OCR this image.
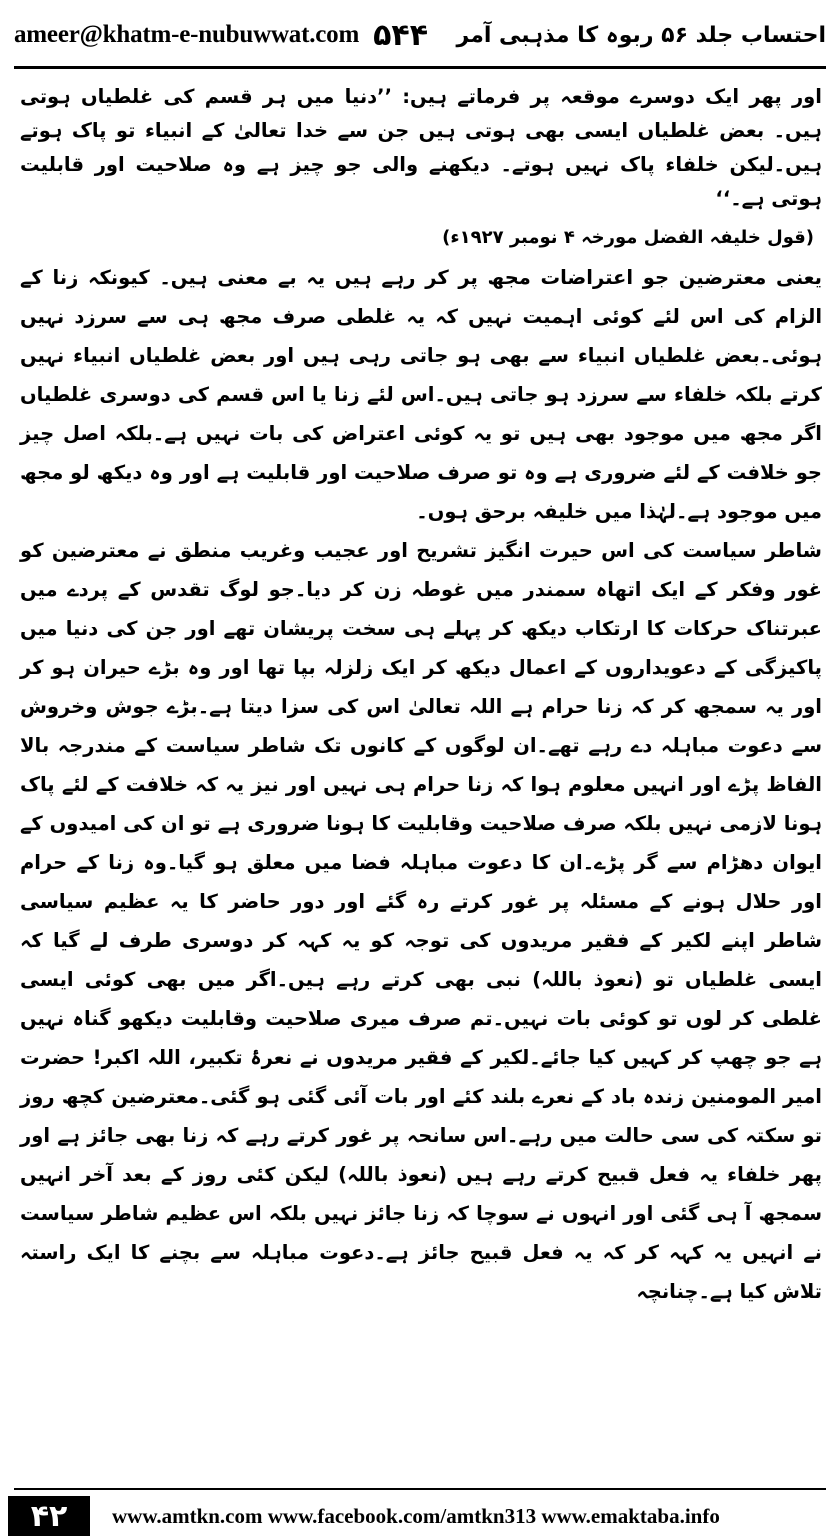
ameer@khatm-e-nubuwwat.com ۵۴۴ احتساب جلد ۵۶ ربوہ کا مذہبی آمر

اور پھر ایک دوسرے موقعہ پر فرماتے ہیں: ’’دنیا میں ہر قسم کی غلطیاں ہوتی ہیں۔ بعض غلطیاں ایسی بھی ہوتی ہیں جن سے خدا تعالیٰ کے انبیاء تو پاک ہوتے ہیں۔لیکن خلفاء پاک نہیں ہوتے۔ دیکھنے والی جو چیز ہے وہ صلاحیت اور قابلیت ہوتی ہے۔‘‘

(قول خلیفہ الفضل مورخہ ۴ نومبر ۱۹۲۷ء)

یعنی معترضین جو اعتراضات مجھ پر کر رہے ہیں یہ بے معنی ہیں۔ کیونکہ زنا کے الزام کی اس لئے کوئی اہمیت نہیں کہ یہ غلطی صرف مجھ ہی سے سرزد نہیں ہوئی۔بعض غلطیاں انبیاء سے بھی ہو جاتی رہی ہیں اور بعض غلطیاں انبیاء نہیں کرتے بلکہ خلفاء سے سرزد ہو جاتی ہیں۔اس لئے زنا یا اس قسم کی دوسری غلطیاں اگر مجھ میں موجود بھی ہیں تو یہ کوئی اعتراض کی بات نہیں ہے۔بلکہ اصل چیز جو خلافت کے لئے ضروری ہے وہ تو صرف صلاحیت اور قابلیت ہے اور وہ دیکھ لو مجھ میں موجود ہے۔لہٰذا میں خلیفہ برحق ہوں۔

شاطر سیاست کی اس حیرت انگیز تشریح اور عجیب وغریب منطق نے معترضین کو غور وفکر کے ایک اتھاہ سمندر میں غوطہ زن کر دیا۔جو لوگ تقدس کے پردے میں عبرتناک حرکات کا ارتکاب دیکھ کر پہلے ہی سخت پریشان تھے اور جن کی دنیا میں پاکیزگی کے دعویداروں کے اعمال دیکھ کر ایک زلزلہ بپا تھا اور وہ بڑے حیران ہو کر اور یہ سمجھ کر کہ زنا حرام ہے اللہ تعالیٰ اس کی سزا دیتا ہے۔بڑے جوش وخروش سے دعوت مباہلہ دے رہے تھے۔ان لوگوں کے کانوں تک شاطر سیاست کے مندرجہ بالا الفاظ پڑے اور انہیں معلوم ہوا کہ زنا حرام ہی نہیں اور نیز یہ کہ خلافت کے لئے پاک ہونا لازمی نہیں بلکہ صرف صلاحیت وقابلیت کا ہونا ضروری ہے تو ان کی امیدوں کے ایوان دھڑام سے گر پڑے۔ان کا دعوت مباہلہ فضا میں معلق ہو گیا۔وہ زنا کے حرام اور حلال ہونے کے مسئلہ پر غور کرتے رہ گئے اور دور حاضر کا یہ عظیم سیاسی شاطر اپنے لکیر کے فقیر مریدوں کی توجہ کو یہ کہہ کر دوسری طرف لے گیا کہ ایسی غلطیاں تو (نعوذ باللہ) نبی بھی کرتے رہے ہیں۔اگر میں بھی کوئی ایسی غلطی کر لوں تو کوئی بات نہیں۔تم صرف میری صلاحیت وقابلیت دیکھو گناہ نہیں ہے جو چھپ کر کہیں کیا جائے۔لکیر کے فقیر مریدوں نے نعرۂ تکبیر، اللہ اکبر! حضرت امیر المومنین زندہ باد کے نعرے بلند کئے اور بات آئی گئی ہو گئی۔معترضین کچھ روز تو سکتہ کی سی حالت میں رہے۔اس سانحہ پر غور کرتے رہے کہ زنا بھی جائز ہے اور پھر خلفاء یہ فعل قبیح کرتے رہے ہیں (نعوذ باللہ) لیکن کئی روز کے بعد آخر انہیں سمجھ آ ہی گئی اور انہوں نے سوچا کہ زنا جائز نہیں بلکہ اس عظیم شاطر سیاست نے انہیں یہ کہہ کر کہ یہ فعل قبیح جائز ہے۔دعوت مباہلہ سے بچنے کا ایک راستہ تلاش کیا ہے۔چنانچہ

۴۲	www.amtkn.com www.facebook.com/amtkn313 www.emaktaba.info
